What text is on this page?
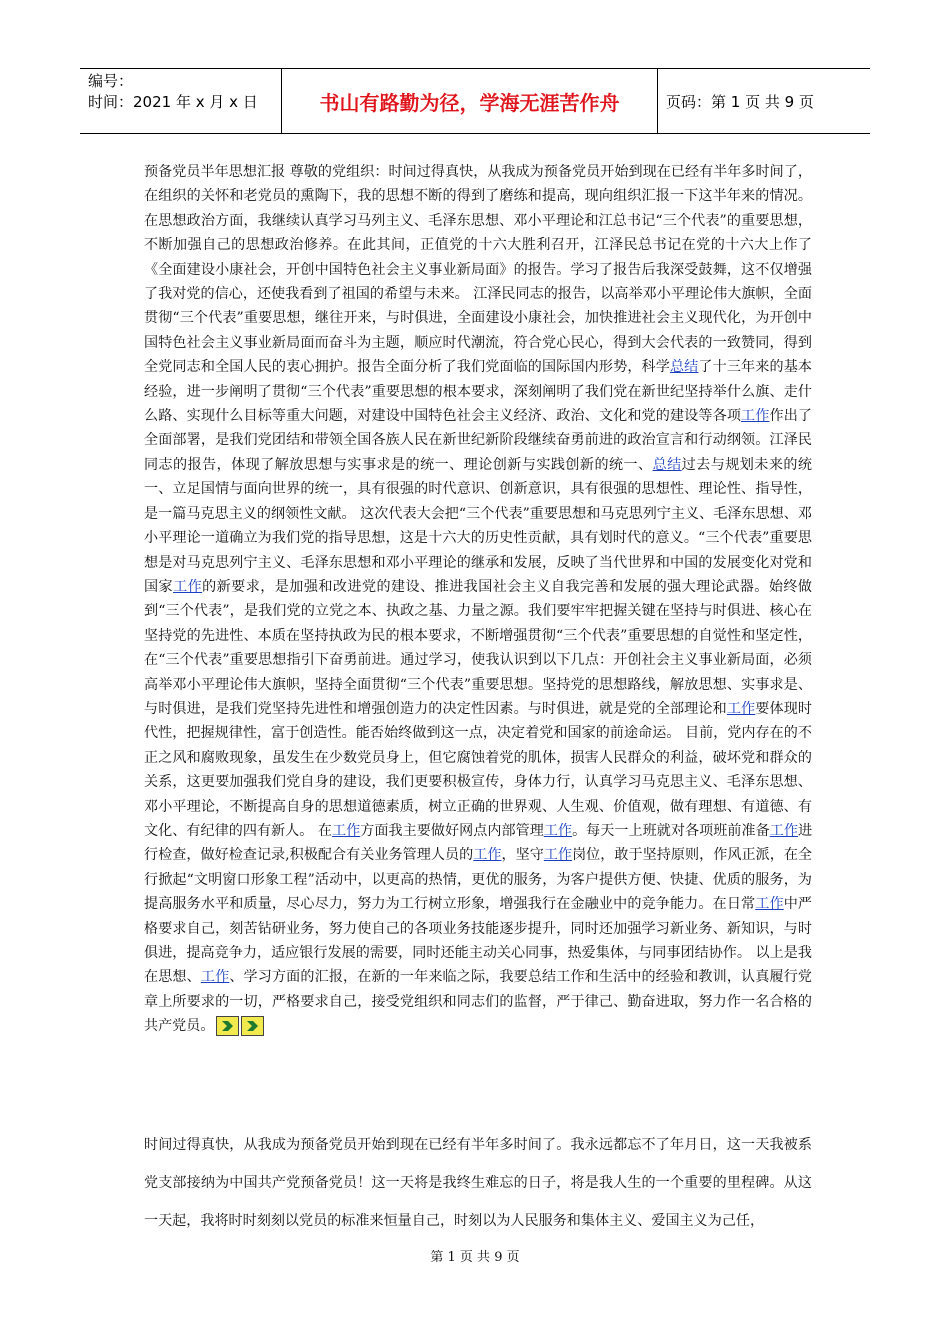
编号：
时间：2021 年 x 月 x 日	书山有路勤为径，学海无涯苦作舟	页码：第 1 页 共 9 页

预备党员半年思想汇报 尊敬的党组织：时间过得真快，从我成为预备党员开始到现在已经有半年多时间了，在组织的关怀和老党员的熏陶下，我的思想不断的得到了磨练和提高，现向组织汇报一下这半年来的情况。 在思想政治方面，我继续认真学习马列主义、毛泽东思想、邓小平理论和江总书记“三个代表”的重要思想，不断加强自己的思想政治修养。在此其间，正值党的十六大胜利召开，江泽民总书记在党的十六大上作了《全面建设小康社会，开创中国特色社会主义事业新局面》的报告。学习了报告后我深受鼓舞，这不仅增强了我对党的信心，还使我看到了祖国的希望与未来。 江泽民同志的报告，以高举邓小平理论伟大旗帜，全面贯彻“三个代表”重要思想，继往开来，与时俱进，全面建设小康社会，加快推进社会主义现代化，为开创中国特色社会主义事业新局面而奋斗为主题，顺应时代潮流，符合党心民心，得到大会代表的一致赞同，得到全党同志和全国人民的衷心拥护。报告全面分析了我们党面临的国际国内形势，科学总结了十三年来的基本经验，进一步阐明了贯彻“三个代表”重要思想的根本要求，深刻阐明了我们党在新世纪坚持举什么旗、走什么路、实现什么目标等重大问题，对建设中国特色社会主义经济、政治、文化和党的建设等各项工作作出了全面部署，是我们党团结和带领全国各族人民在新世纪新阶段继续奋勇前进的政治宣言和行动纲领。江泽民同志的报告，体现了解放思想与实事求是的统一、理论创新与实践创新的统一、总结过去与规划未来的统一、立足国情与面向世界的统一，具有很强的时代意识、创新意识，具有很强的思想性、理论性、指导性，是一篇马克思主义的纲领性文献。 这次代表大会把“三个代表”重要思想和马克思列宁主义、毛泽东思想、邓小平理论一道确立为我们党的指导思想，这是十六大的历史性贡献，具有划时代的意义。“三个代表”重要思想是对马克思列宁主义、毛泽东思想和邓小平理论的继承和发展，反映了当代世界和中国的发展变化对党和国家工作的新要求，是加强和改进党的建设、推进我国社会主义自我完善和发展的强大理论武器。始终做到“三个代表”，是我们党的立党之本、执政之基、力量之源。我们要牢牢把握关键在坚持与时俱进、核心在坚持党的先进性、本质在坚持执政为民的根本要求，不断增强贯彻“三个代表”重要思想的自觉性和坚定性，在“三个代表”重要思想指引下奋勇前进。通过学习，使我认识到以下几点：开创社会主义事业新局面，必须高举邓小平理论伟大旗帜，坚持全面贯彻“三个代表”重要思想。坚持党的思想路线，解放思想、实事求是、与时俱进，是我们党坚持先进性和增强创造力的决定性因素。与时俱进，就是党的全部理论和工作要体现时代性，把握规律性，富于创造性。能否始终做到这一点，决定着党和国家的前途命运。 目前，党内存在的不正之风和腐败现象，虽发生在少数党员身上，但它腐蚀着党的肌体，损害人民群众的利益，破坏党和群众的关系，这更要加强我们党自身的建设，我们更要积极宣传，身体力行，认真学习马克思主义、毛泽东思想、邓小平理论，不断提高自身的思想道德素质，树立正确的世界观、人生观、价值观，做有理想、有道德、有文化、有纪律的四有新人。 在工作方面我主要做好网点内部管理工作。每天一上班就对各项班前准备工作进行检查，做好检查记录,积极配合有关业务管理人员的工作，坚守工作岗位，敢于坚持原则，作风正派，在全行掀起“文明窗口形象工程”活动中，以更高的热情，更优的服务，为客户提供方便、快捷、优质的服务，为提高服务水平和质量，尽心尽力，努力为工行树立形象，增强我行在金融业中的竞争能力。在日常工作中严格要求自己，刻苦钻研业务，努力使自己的各项业务技能逐步提升，同时还加强学习新业务、新知识，与时俱进，提高竞争力，适应银行发展的需要，同时还能主动关心同事，热爱集体，与同事团结协作。 以上是我在思想、工作、学习方面的汇报，在新的一年来临之际，我要总结工作和生活中的经验和教训，认真履行党章上所要求的一切，严格要求自己，接受党组织和同志们的监督，严于律己、勤奋进取，努力作一名合格的共产党员。

时间过得真快，从我成为预备党员开始到现在已经有半年多时间了。我永远都忘不了年月日，这一天我被系党支部接纳为中国共产党预备党员！这一天将是我终生难忘的日子，将是我人生的一个重要的里程碑。从这一天起，我将时时刻刻以党员的标准来恒量自己，时刻以为人民服务和集体主义、爱国主义为己任，

第 1 页 共 9 页
